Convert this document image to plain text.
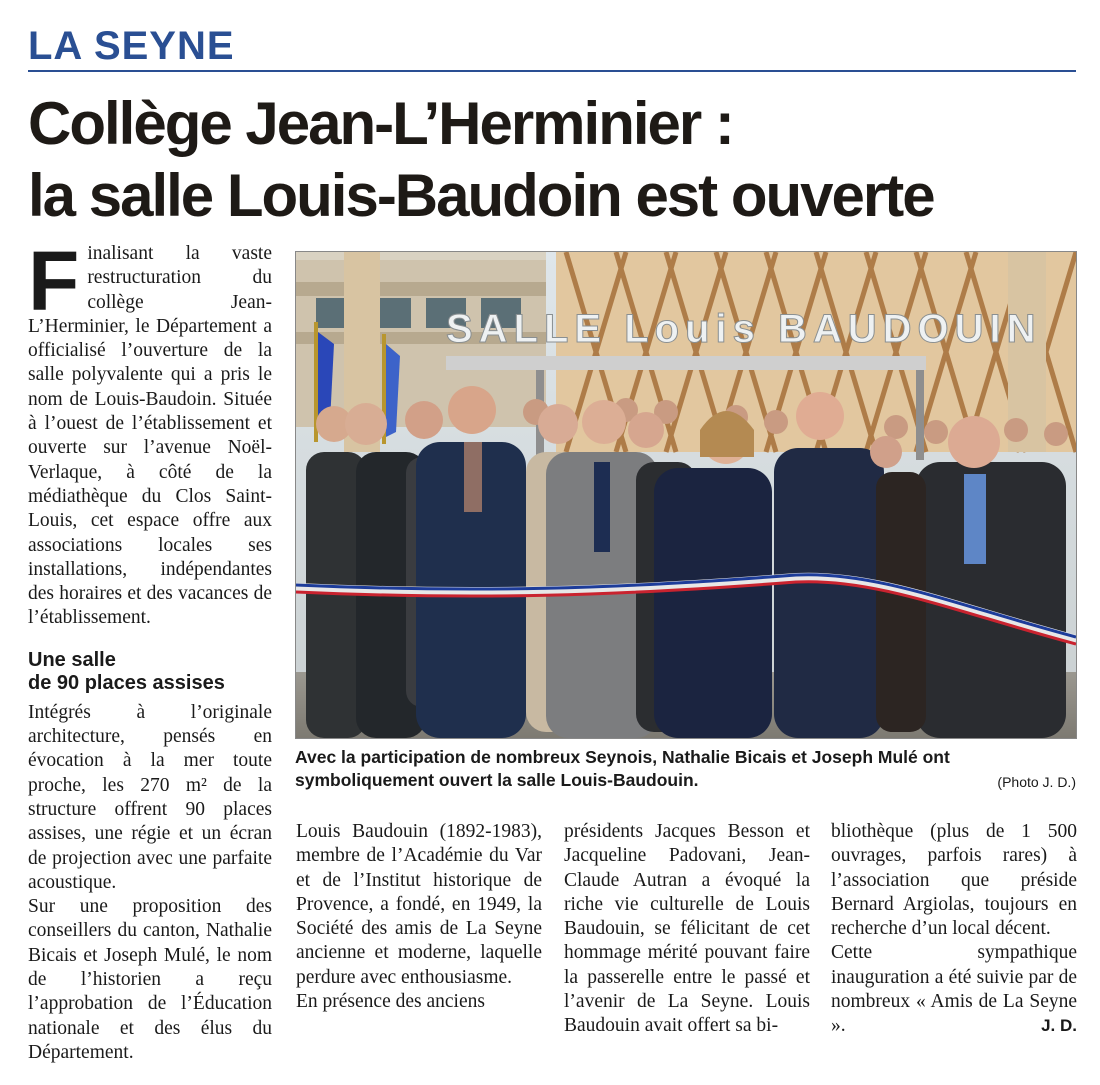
LA SEYNE
Collège Jean-L’Herminier :
la salle Louis-Baudoin est ouverte

Finalisant la vaste restructuration du collège Jean-L’Herminier, le Département a officialisé l’ouverture de la salle polyvalente qui a pris le nom de Louis-Baudoin. Située à l’ouest de l’établissement et ouverte sur l’avenue Noël-Verlaque, à côté de la médiathèque du Clos Saint-Louis, cet espace offre aux associations locales ses installations, indépendantes des horaires et des vacances de l’établissement.

Une salle
de 90 places assises

Intégrés à l’originale architecture, pensés en évocation à la mer toute proche, les 270 m² de la structure offrent 90 places assises, une régie et un écran de projection avec une parfaite acoustique.

Sur une proposition des conseillers du canton, Nathalie Bicais et Joseph Mulé, le nom de l’historien a reçu l’approbation de l’Éducation nationale et des élus du Département.

SALLE Louis BAUDOUIN
Avec la participation de nombreux Seynois, Nathalie Bicais et Joseph Mulé ont symboliquement ouvert la salle Louis-Baudouin.	(Photo J. D.)

Louis Baudouin (1892-1983), membre de l’Académie du Var et de l’Institut historique de Provence, a fondé, en 1949, la Société des amis de La Seyne ancienne et moderne, laquelle perdure avec enthousiasme.

En présence des anciens

présidents Jacques Besson et Jacqueline Padovani, Jean-Claude Autran a évoqué la riche vie culturelle de Louis Baudouin, se félicitant de cet hommage mérité pouvant faire la passerelle entre le passé et l’avenir de La Seyne. Louis Baudouin avait offert sa bi-

bliothèque (plus de 1 500 ouvrages, parfois rares) à l’association que préside Bernard Argiolas, toujours en recherche d’un local décent.

Cette sympathique inauguration a été suivie par de nombreux « Amis de La Seyne ».	J. D.
